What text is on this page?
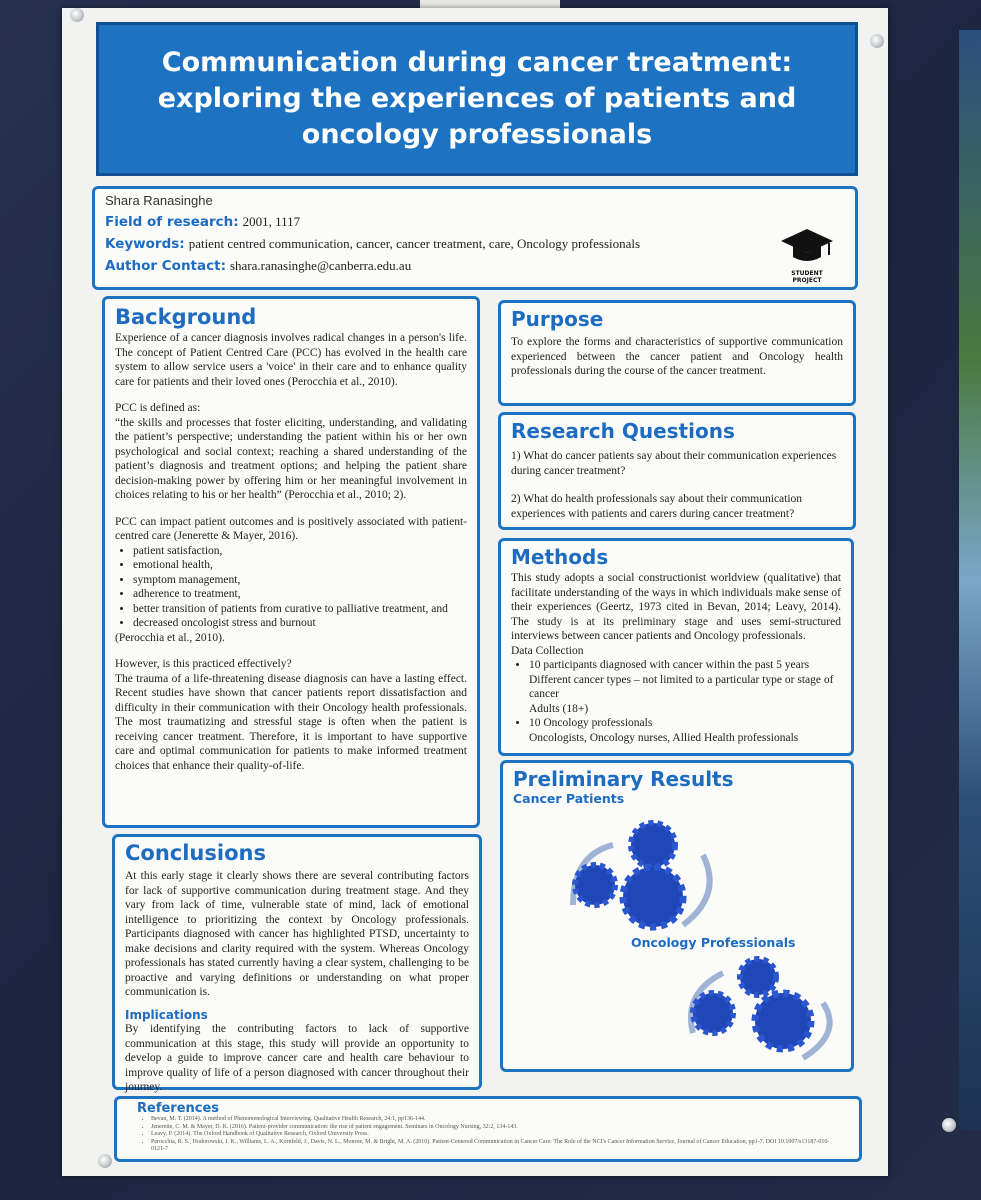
Communication during cancer treatment: exploring the experiences of patients and oncology professionals
Shara Ranasinghe
Field of research: 2001, 1117
Keywords: patient centred communication, cancer, cancer treatment, care, Oncology professionals
Author Contact: shara.ranasinghe@canberra.edu.au
STUDENT PROJECT
Background

Experience of a cancer diagnosis involves radical changes in a person's life. The concept of Patient Centred Care (PCC) has evolved in the health care system to allow service users a 'voice' in their care and to enhance quality care for patients and their loved ones (Perocchia et al., 2010).

PCC is defined as:

“the skills and processes that foster eliciting, understanding, and validating the patient’s perspective; understanding the patient within his or her own psychological and social context; reaching a shared understanding of the patient’s diagnosis and treatment options; and helping the patient share decision-making power by offering him or her meaningful involvement in choices relating to his or her health” (Perocchia et al., 2010; 2).

PCC can impact patient outcomes and is positively associated with patient-centred care (Jenerette & Mayer, 2016).

• patient satisfaction,
• emotional health,
• symptom management,
• adherence to treatment,
• better transition of patients from curative to palliative treatment, and
• decreased oncologist stress and burnout

(Perocchia et al., 2010).

However, is this practiced effectively?

The trauma of a life-threatening disease diagnosis can have a lasting effect. Recent studies have shown that cancer patients report dissatisfaction and difficulty in their communication with their Oncology health professionals. The most traumatizing and stressful stage is often when the patient is receiving cancer treatment. Therefore, it is important to have supportive care and optimal communication for patients to make informed treatment choices that enhance their quality-of-life.

Conclusions

At this early stage it clearly shows there are several contributing factors for lack of supportive communication during treatment stage. And they vary from lack of time, vulnerable state of mind, lack of emotional intelligence to prioritizing the context by Oncology professionals. Participants diagnosed with cancer has highlighted PTSD, uncertainty to make decisions and clarity required with the system. Whereas Oncology professionals has stated currently having a clear system, challenging to be proactive and varying definitions or understanding on what proper communication is.

Implications

By identifying the contributing factors to lack of supportive communication at this stage, this study will provide an opportunity to develop a guide to improve cancer care and health care behaviour to improve quality of life of a person diagnosed with cancer throughout their journey.

Purpose
To explore the forms and characteristics of supportive communication experienced between the cancer patient and Oncology health professionals during the course of the cancer treatment.
Research Questions

1) What do cancer patients say about their communication experiences during cancer treatment?

2) What do health professionals say about their communication experiences with patients and carers during cancer treatment?

Methods

This study adopts a social constructionist worldview (qualitative) that facilitate understanding of the ways in which individuals make sense of their experiences (Geertz, 1973 cited in Bevan, 2014; Leavy, 2014). The study is at its preliminary stage and uses semi-structured interviews between cancer patients and Oncology professionals.

Data Collection

• 10 participants diagnosed with cancer within the past 5 years
Different cancer types – not limited to a particular type or stage of cancer
Adults (18+)
• 10 Oncology professionals
Oncologists, Oncology nurses, Allied Health professionals
Preliminary Results
Cancer Patients
Oncology Professionals
References
• Bevan, M. T. (2014). A method of Phenomenological Interviewing. Qualitative Health Research, 24:1, pp136-144.
• Jenerette, C. M. & Mayer, D. K. (2016). Patient-provider communication: the rise of patient engagement. Seminars in Oncology Nursing, 32:2, 134-143.
• Leavy, P. (2014). The Oxford Handbook of Qualitative Research, Oxford University Press.
• Perocchia, R. S., Hodorowski, J. K., Williams, L. A., Kornfeld, J., Davis, N. L., Monroe, M. & Bright, M. A. (2010). Patient-Centered Communication in Cancer Care: The Role of the NCI's Cancer Information Service, Journal of Cancer Education, pp1-7. DOI 10.1007/s13187-010-0121-7
